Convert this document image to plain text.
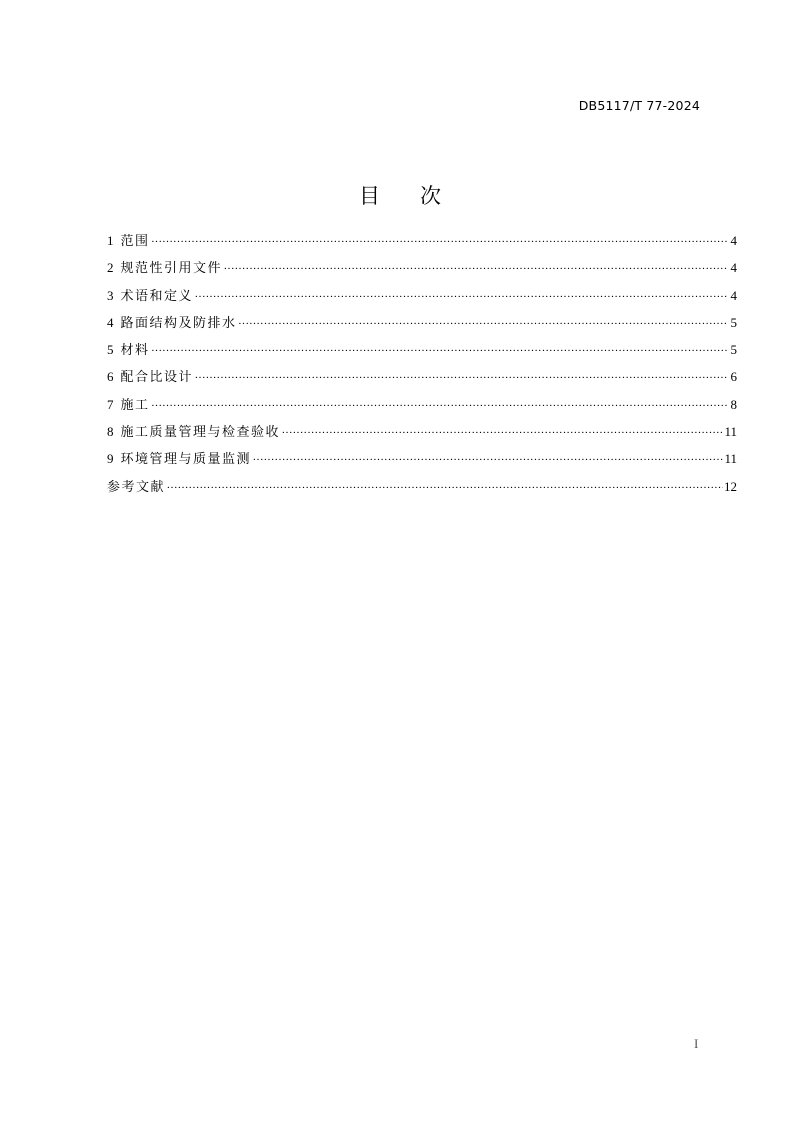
DB5117/T 77-2024
目 次
1 范围 .....	4
2 规范性引用文件 .....	4
3 术语和定义 .....	4
4 路面结构及防排水 .....	5
5 材料 .....	5
6 配合比设计 .....	6
7 施工 .....	8
8 施工质量管理与检查验收 .....	11
9 环境管理与质量监测 .....	11
参考文献 .....	12
I
